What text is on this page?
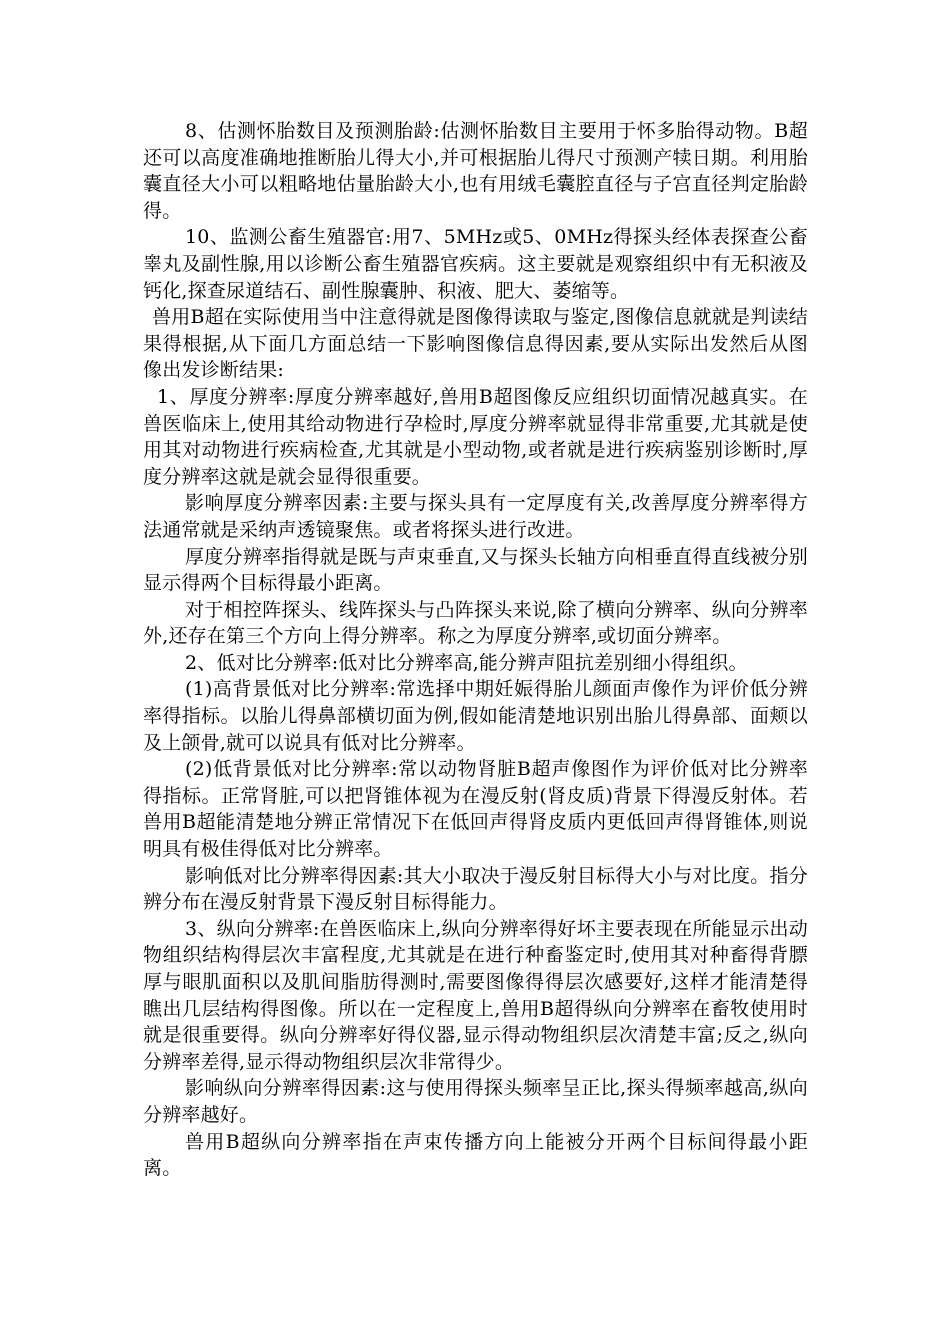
8、估测怀胎数目及预测胎龄:估测怀胎数目主要用于怀多胎得动物。B超还可以高度准确地推断胎儿得大小,并可根据胎儿得尺寸预测产犊日期。利用胎囊直径大小可以粗略地估量胎龄大小,也有用绒毛囊腔直径与子宫直径判定胎龄得。

10、监测公畜生殖器官:用7、5MHz或5、0MHz得探头经体表探查公畜睾丸及副性腺,用以诊断公畜生殖器官疾病。这主要就是观察组织中有无积液及钙化,探查尿道结石、副性腺囊肿、积液、肥大、萎缩等。

兽用B超在实际使用当中注意得就是图像得读取与鉴定,图像信息就就是判读结果得根据,从下面几方面总结一下影响图像信息得因素,要从实际出发然后从图像出发诊断结果:

1、厚度分辨率:厚度分辨率越好,兽用B超图像反应组织切面情况越真实。在兽医临床上,使用其给动物进行孕检时,厚度分辨率就显得非常重要,尤其就是使用其对动物进行疾病检查,尤其就是小型动物,或者就是进行疾病鉴别诊断时,厚度分辨率这就是就会显得很重要。

影响厚度分辨率因素:主要与探头具有一定厚度有关,改善厚度分辨率得方法通常就是采纳声透镜聚焦。或者将探头进行改进。

厚度分辨率指得就是既与声束垂直,又与探头长轴方向相垂直得直线被分别显示得两个目标得最小距离。

对于相控阵探头、线阵探头与凸阵探头来说,除了横向分辨率、纵向分辨率外,还存在第三个方向上得分辨率。称之为厚度分辨率,或切面分辨率。

2、低对比分辨率:低对比分辨率高,能分辨声阻抗差别细小得组织。

(1)高背景低对比分辨率:常选择中期妊娠得胎儿颜面声像作为评价低分辨率得指标。以胎儿得鼻部横切面为例,假如能清楚地识别出胎儿得鼻部、面颊以及上颌骨,就可以说具有低对比分辨率。

(2)低背景低对比分辨率:常以动物肾脏B超声像图作为评价低对比分辨率得指标。正常肾脏,可以把肾锥体视为在漫反射(肾皮质)背景下得漫反射体。若兽用B超能清楚地分辨正常情况下在低回声得肾皮质内更低回声得肾锥体,则说明具有极佳得低对比分辨率。

影响低对比分辨率得因素:其大小取决于漫反射目标得大小与对比度。指分辨分布在漫反射背景下漫反射目标得能力。

3、纵向分辨率:在兽医临床上,纵向分辨率得好坏主要表现在所能显示出动物组织结构得层次丰富程度,尤其就是在进行种畜鉴定时,使用其对种畜得背膘厚与眼肌面积以及肌间脂肪得测时,需要图像得得层次感要好,这样才能清楚得瞧出几层结构得图像。所以在一定程度上,兽用B超得纵向分辨率在畜牧使用时就是很重要得。纵向分辨率好得仪器,显示得动物组织层次清楚丰富;反之,纵向分辨率差得,显示得动物组织层次非常得少。

影响纵向分辨率得因素:这与使用得探头频率呈正比,探头得频率越高,纵向分辨率越好。

兽用B超纵向分辨率指在声束传播方向上能被分开两个目标间得最小距离。
